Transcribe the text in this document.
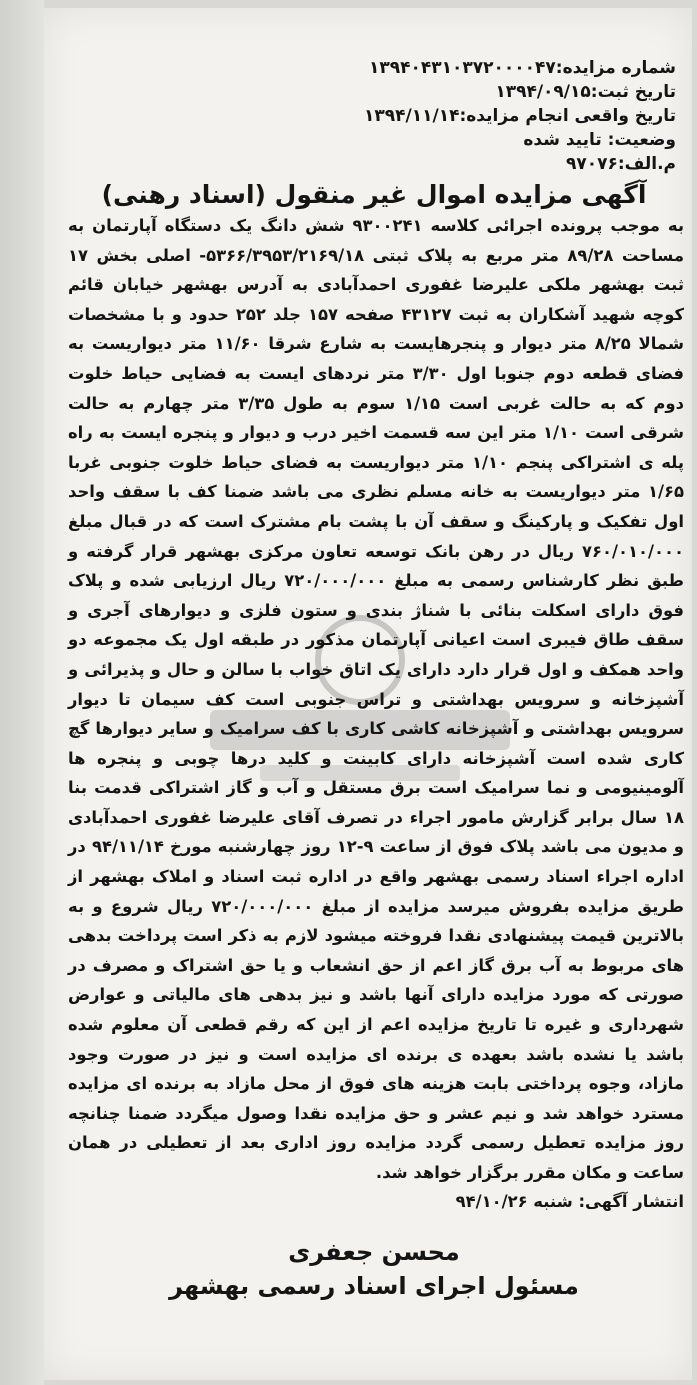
شماره مزایده:۱۳۹۴۰۴۳۱۰۳۷۲۰۰۰۰۴۷
تاریخ ثبت:۱۳۹۴/۰۹/۱۵
تاریخ واقعی انجام مزایده:۱۳۹۴/۱۱/۱۴
وضعیت: تایید شده
م.الف:۹۷۰۷۶
آگهی مزایده اموال غیر منقول (اسناد رهنی)
به موجب پرونده اجرائی کلاسه ۹۳۰۰۲۴۱ شش دانگ یک دستگاه آپارتمان به مساحت ۸۹/۲۸ متر مربع به پلاک ثبتی ۵۳۶۶/۳۹۵۳/۲۱۶۹/۱۸- اصلی بخش ۱۷ ثبت بهشهر ملکی علیرضا غفوری احمدآبادی به آدرس بهشهر خیابان قائم کوچه شهید آشکاران به ثبت ۴۳۱۲۷ صفحه ۱۵۷ جلد ۲۵۲ حدود و با مشخصات شمالا ۸/۲۵ متر دیوار و پنجرهایست به شارع شرقا ۱۱/۶۰ متر دیواریست به فضای قطعه دوم جنوبا اول ۳/۳۰ متر نردهای ایست به فضایی حیاط خلوت دوم که به حالت غربی است ۱/۱۵ سوم به طول ۳/۳۵ متر چهارم به حالت شرقی است ۱/۱۰ متر این سه قسمت اخیر درب و دیوار و پنجره ایست به راه پله ی اشتراکی پنجم ۱/۱۰ متر دیواریست به فضای حیاط خلوت جنوبی غربا ۱/۶۵ متر دیواریست به خانه مسلم نظری می باشد ضمنا کف با سقف واحد اول تفکیک و پارکینگ و سقف آن با پشت بام مشترک است که در قبال مبلغ ۷۶۰/۰۱۰/۰۰۰ ریال در رهن بانک توسعه تعاون مرکزی بهشهر قرار گرفته و طبق نظر کارشناس رسمی به مبلغ ۷۲۰/۰۰۰/۰۰۰ ریال ارزیابی شده و پلاک فوق دارای اسکلت بنائی با شناژ بندی و ستون فلزی و دیوارهای آجری و سقف طاق فیبری است اعیانی آپارتمان مذکور در طبقه اول یک مجموعه دو واحد همکف و اول قرار دارد دارای یک اتاق خواب با سالن و حال و پذیرائی و آشپزخانه و سرویس بهداشتی و تراس جنوبی است کف سیمان تا دیوار سرویس بهداشتی و آشپزخانه کاشی کاری با کف سرامیک و سایر دیوارها گچ کاری شده است آشپزخانه دارای کابینت و کلید درها چوبی و پنجره ها آلومینیومی و نما سرامیک است برق مستقل و آب و گاز اشتراکی قدمت بنا ۱۸ سال برابر گزارش مامور اجراء در تصرف آقای علیرضا غفوری احمدآبادی و مدیون می باشد پلاک فوق از ساعت ۹-۱۲ روز چهارشنبه مورخ ۹۴/۱۱/۱۴ در اداره اجراء اسناد رسمی بهشهر واقع در اداره ثبت اسناد و املاک بهشهر از طریق مزایده بفروش میرسد مزایده از مبلغ ۷۲۰/۰۰۰/۰۰۰ ریال شروع و به بالاترین قیمت پیشنهادی نقدا فروخته میشود لازم به ذکر است پرداخت بدهی های مربوط به آب برق گاز اعم از حق انشعاب و یا حق اشتراک و مصرف در صورتی که مورد مزایده دارای آنها باشد و نیز بدهی های مالیاتی و عوارض شهرداری و غیره تا تاریخ مزایده اعم از این که رقم قطعی آن معلوم شده باشد یا نشده باشد بعهده ی برنده ای مزایده است و نیز در صورت وجود مازاد، وجوه پرداختی بابت هزینه های فوق از محل مازاد به برنده ای مزایده مسترد خواهد شد و نیم عشر و حق مزایده نقدا وصول میگردد ضمنا چنانچه روز مزایده تعطیل رسمی گردد مزایده روز اداری بعد از تعطیلی در همان ساعت و مکان مقرر برگزار خواهد شد.
انتشار آگهی: شنبه ۹۴/۱۰/۲۶
محسن جعفری
مسئول اجرای اسناد رسمی بهشهر
